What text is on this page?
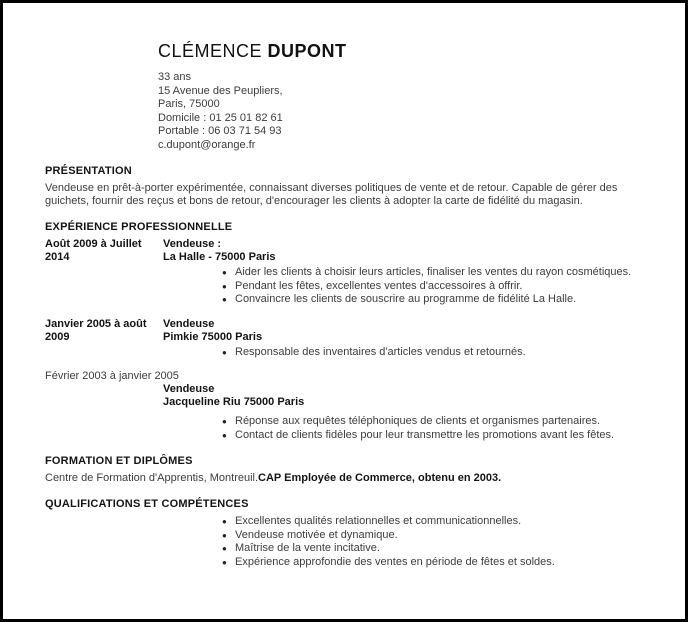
CLÉMENCE DUPONT
33 ans
15 Avenue des Peupliers,
Paris, 75000
Domicile : 01 25 01 82 61
Portable : 06 03 71 54 93
c.dupont@orange.fr
PRÉSENTATION

Vendeuse en prêt-à-porter expérimentée, connaissant diverses politiques de vente et de retour. Capable de gérer des guichets, fournir des reçus et bons de retour, d'encourager les clients à adopter la carte de fidélité du magasin.

EXPÉRIENCE PROFESSIONNELLE
Août 2009 à Juillet 2014
Vendeuse :
La Halle - 75000 Paris
● Aider les clients à choisir leurs articles, finaliser les ventes du rayon cosmétiques.
● Pendant les fêtes, excellentes ventes d'accessoires à offrir.
● Convaincre les clients de souscrire au programme de fidélité La Halle.
Janvier 2005 à août 2009
Vendeuse
Pimkie 75000 Paris
● Responsable des inventaires d'articles vendus et retournés.
Février 2003 à janvier 2005
Vendeuse
Jacqueline Riu 75000 Paris
● Réponse aux requêtes téléphoniques de clients et organismes partenaires.
● Contact de clients fidèles pour leur transmettre les promotions avant les fêtes.
FORMATION ET DIPLÔMES

Centre de Formation d'Apprentis, Montreuil.CAP Employée de Commerce, obtenu en 2003.

QUALIFICATIONS ET COMPÉTENCES
● Excellentes qualités relationnelles et communicationnelles.
● Vendeuse motivée et dynamique.
● Maîtrise de la vente incitative.
● Expérience approfondie des ventes en période de fêtes et soldes.
